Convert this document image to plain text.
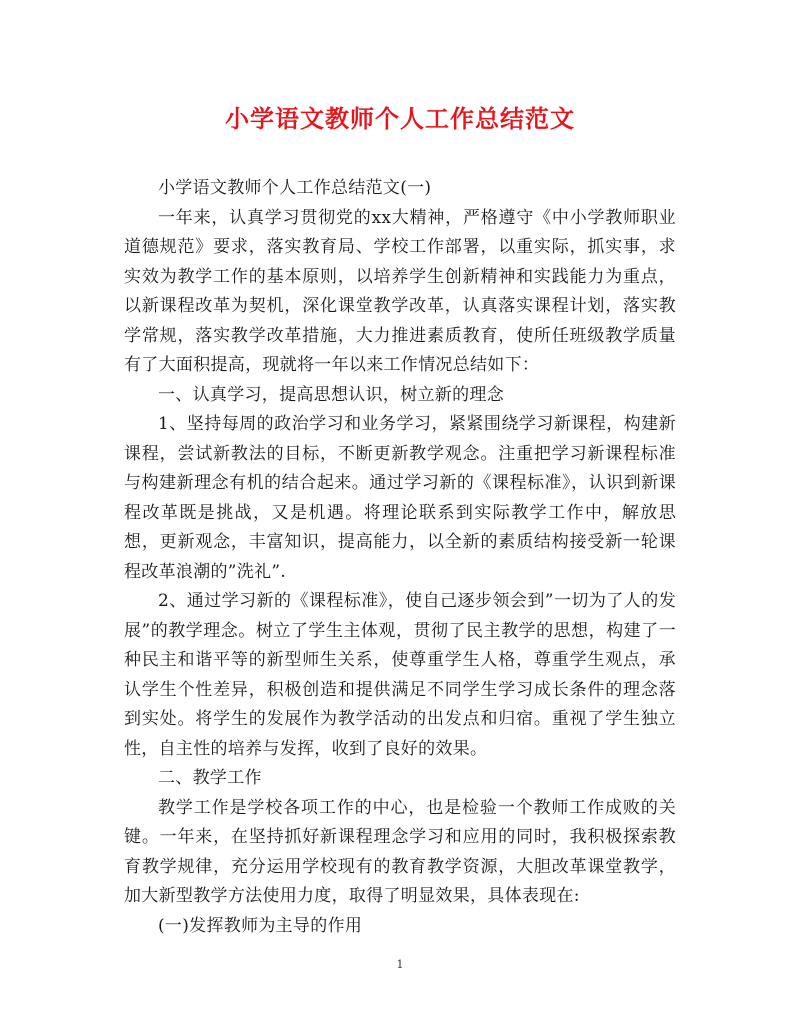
小学语文教师个人工作总结范文

小学语文教师个人工作总结范文(一)

一年来，认真学习贯彻党的xx大精神，严格遵守《中小学教师职业道德规范》要求，落实教育局、学校工作部署，以重实际，抓实事，求实效为教学工作的基本原则，以培养学生创新精神和实践能力为重点，以新课程改革为契机，深化课堂教学改革，认真落实课程计划，落实教学常规，落实教学改革措施，大力推进素质教育，使所任班级教学质量有了大面积提高，现就将一年以来工作情况总结如下：

一、认真学习，提高思想认识，树立新的理念

1、坚持每周的政治学习和业务学习，紧紧围绕学习新课程，构建新课程，尝试新教法的目标，不断更新教学观念。注重把学习新课程标准与构建新理念有机的结合起来。通过学习新的《课程标准》，认识到新课程改革既是挑战，又是机遇。将理论联系到实际教学工作中，解放思想，更新观念，丰富知识，提高能力，以全新的素质结构接受新一轮课程改革浪潮的”洗礼”.

2、通过学习新的《课程标准》，使自己逐步领会到”一切为了人的发展”的教学理念。树立了学生主体观，贯彻了民主教学的思想，构建了一种民主和谐平等的新型师生关系，使尊重学生人格，尊重学生观点，承认学生个性差异，积极创造和提供满足不同学生学习成长条件的理念落到实处。将学生的发展作为教学活动的出发点和归宿。重视了学生独立性，自主性的培养与发挥，收到了良好的效果。

二、教学工作

教学工作是学校各项工作的中心，也是检验一个教师工作成败的关键。一年来，在坚持抓好新课程理念学习和应用的同时，我积极探索教育教学规律，充分运用学校现有的教育教学资源，大胆改革课堂教学，加大新型教学方法使用力度，取得了明显效果，具体表现在:

(一)发挥教师为主导的作用

1
